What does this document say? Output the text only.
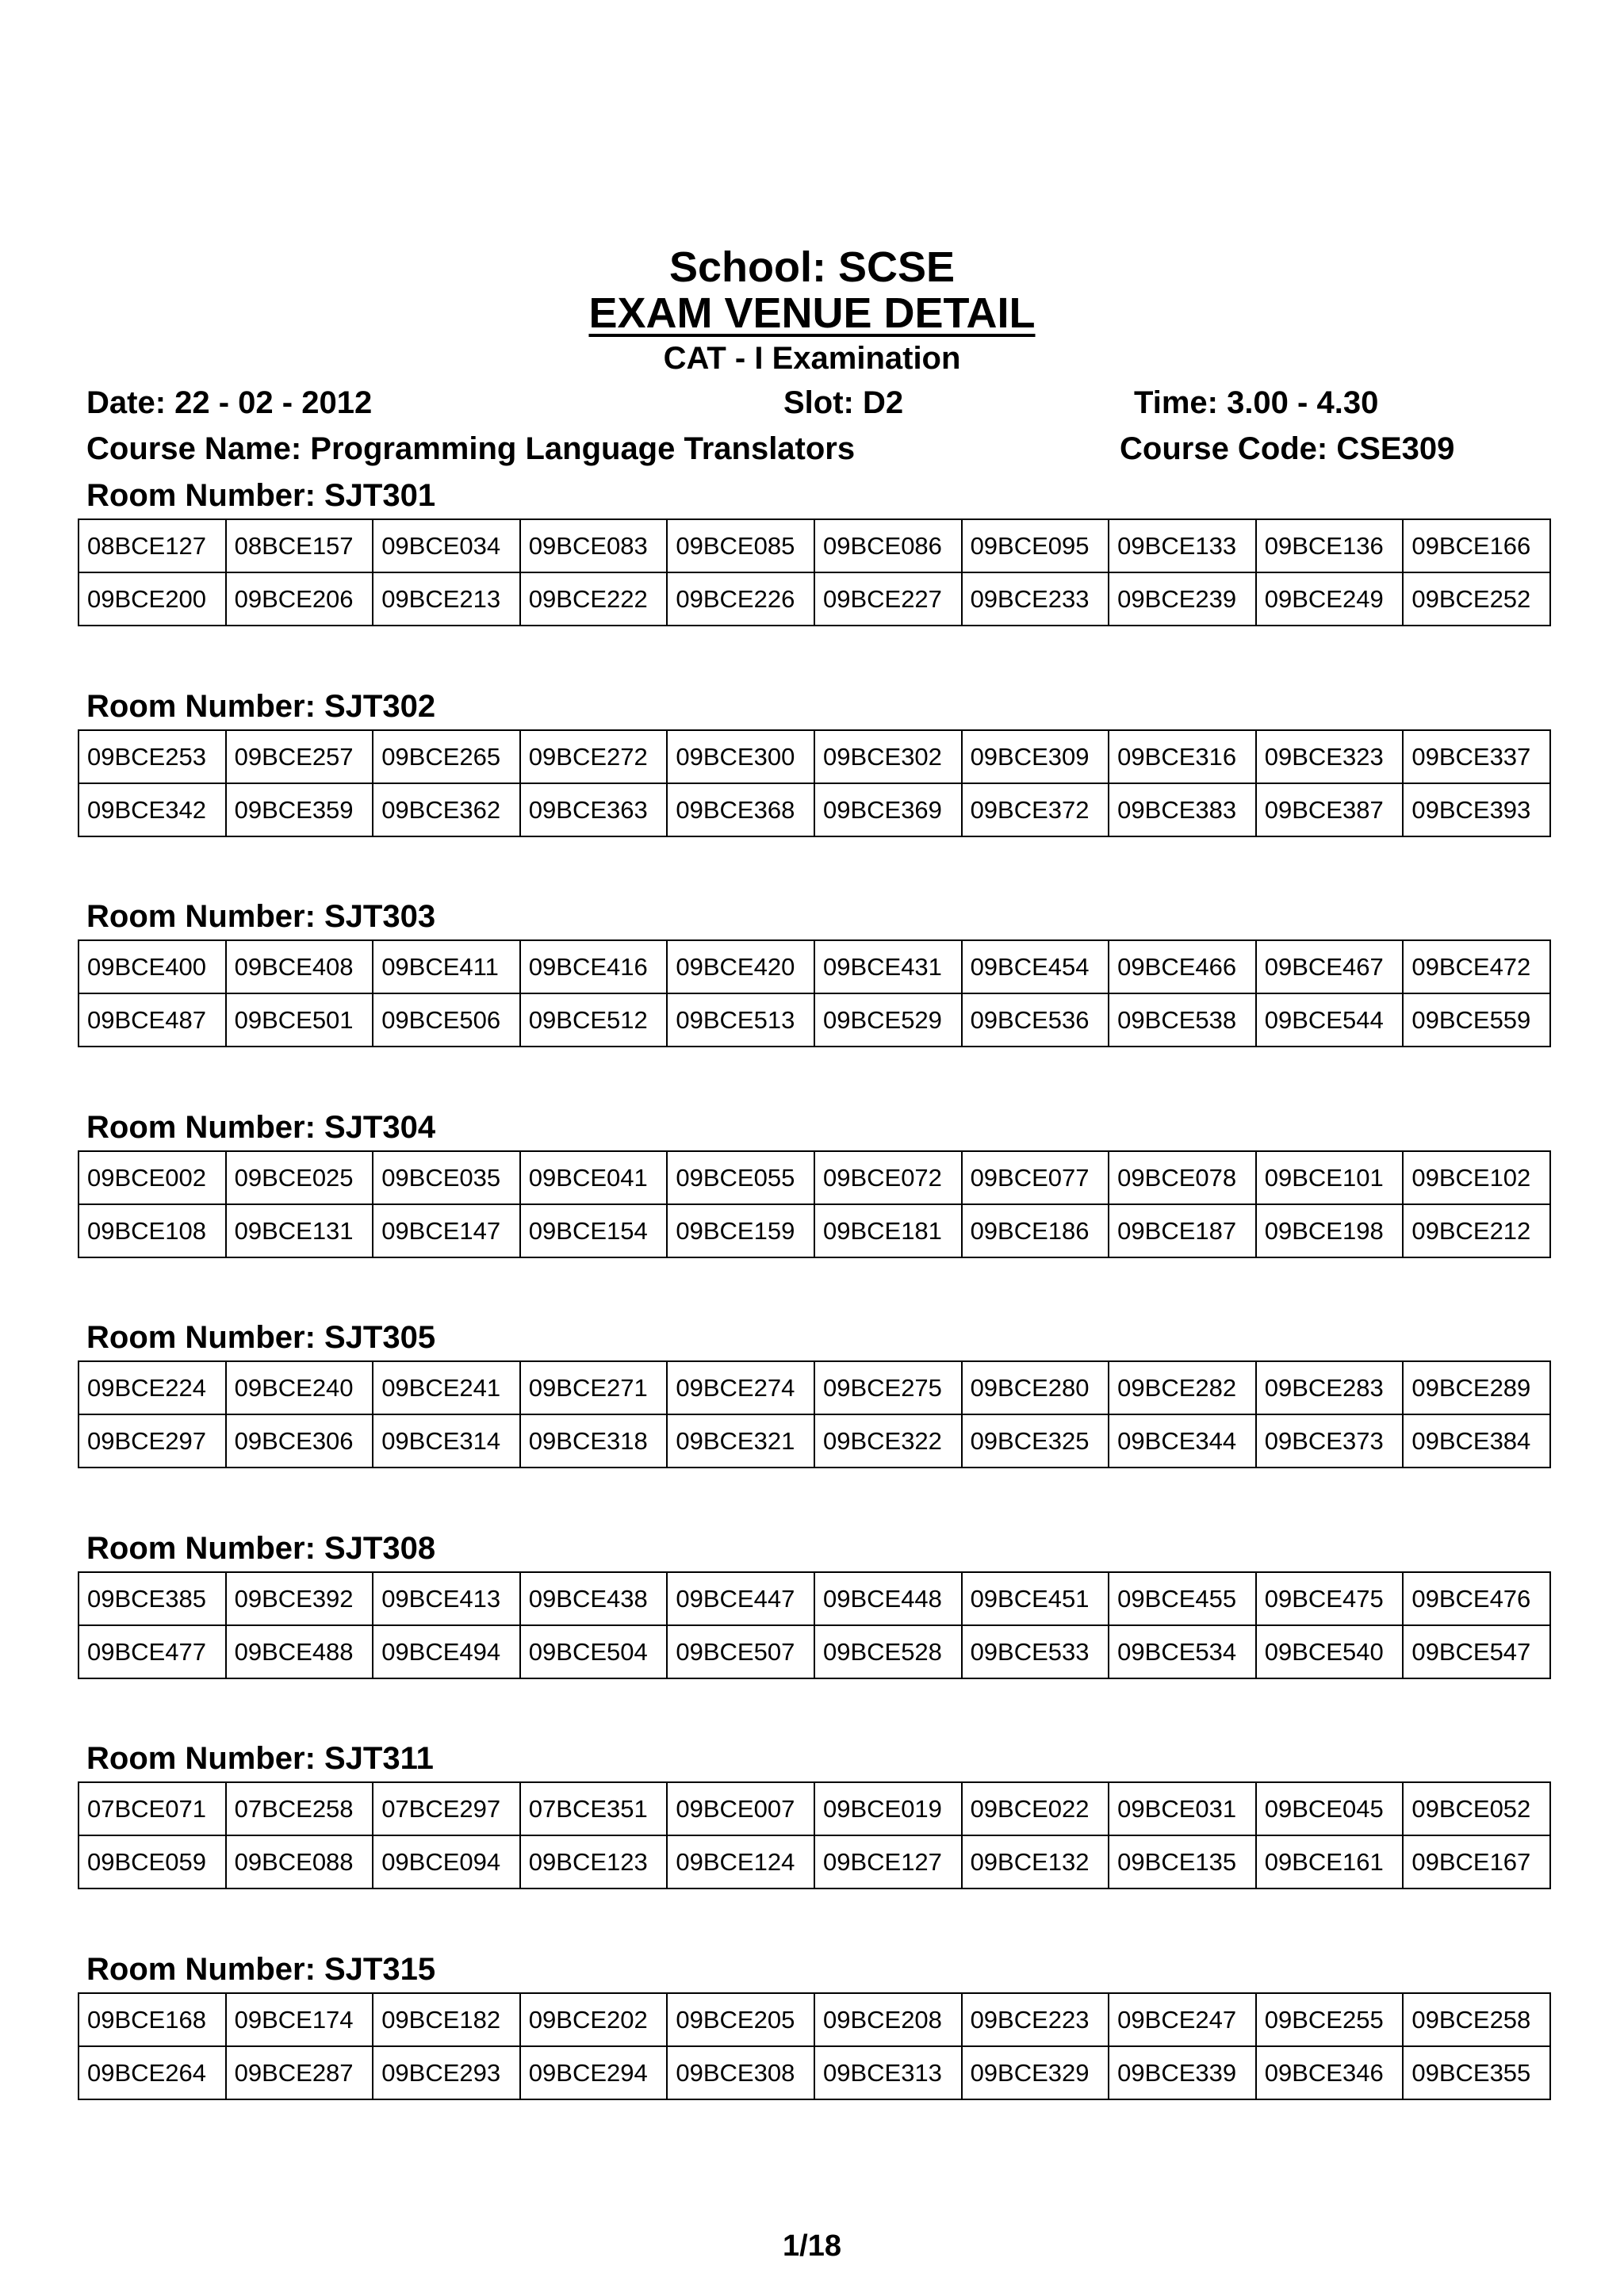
School: SCSE
EXAM VENUE DETAIL
CAT - I Examination
Date: 22 - 02 - 2012	Slot: D2	Time: 3.00 - 4.30
Course Name: Programming Language Translators	Course Code: CSE309
Room Number: SJT301
08BCE127	08BCE157	09BCE034	09BCE083	09BCE085	09BCE086	09BCE095	09BCE133	09BCE136	09BCE166
09BCE200	09BCE206	09BCE213	09BCE222	09BCE226	09BCE227	09BCE233	09BCE239	09BCE249	09BCE252
Room Number: SJT302
09BCE253	09BCE257	09BCE265	09BCE272	09BCE300	09BCE302	09BCE309	09BCE316	09BCE323	09BCE337
09BCE342	09BCE359	09BCE362	09BCE363	09BCE368	09BCE369	09BCE372	09BCE383	09BCE387	09BCE393
Room Number: SJT303
09BCE400	09BCE408	09BCE411	09BCE416	09BCE420	09BCE431	09BCE454	09BCE466	09BCE467	09BCE472
09BCE487	09BCE501	09BCE506	09BCE512	09BCE513	09BCE529	09BCE536	09BCE538	09BCE544	09BCE559
Room Number: SJT304
09BCE002	09BCE025	09BCE035	09BCE041	09BCE055	09BCE072	09BCE077	09BCE078	09BCE101	09BCE102
09BCE108	09BCE131	09BCE147	09BCE154	09BCE159	09BCE181	09BCE186	09BCE187	09BCE198	09BCE212
Room Number: SJT305
09BCE224	09BCE240	09BCE241	09BCE271	09BCE274	09BCE275	09BCE280	09BCE282	09BCE283	09BCE289
09BCE297	09BCE306	09BCE314	09BCE318	09BCE321	09BCE322	09BCE325	09BCE344	09BCE373	09BCE384
Room Number: SJT308
09BCE385	09BCE392	09BCE413	09BCE438	09BCE447	09BCE448	09BCE451	09BCE455	09BCE475	09BCE476
09BCE477	09BCE488	09BCE494	09BCE504	09BCE507	09BCE528	09BCE533	09BCE534	09BCE540	09BCE547
Room Number: SJT311
07BCE071	07BCE258	07BCE297	07BCE351	09BCE007	09BCE019	09BCE022	09BCE031	09BCE045	09BCE052
09BCE059	09BCE088	09BCE094	09BCE123	09BCE124	09BCE127	09BCE132	09BCE135	09BCE161	09BCE167
Room Number: SJT315
09BCE168	09BCE174	09BCE182	09BCE202	09BCE205	09BCE208	09BCE223	09BCE247	09BCE255	09BCE258
09BCE264	09BCE287	09BCE293	09BCE294	09BCE308	09BCE313	09BCE329	09BCE339	09BCE346	09BCE355
1/18
